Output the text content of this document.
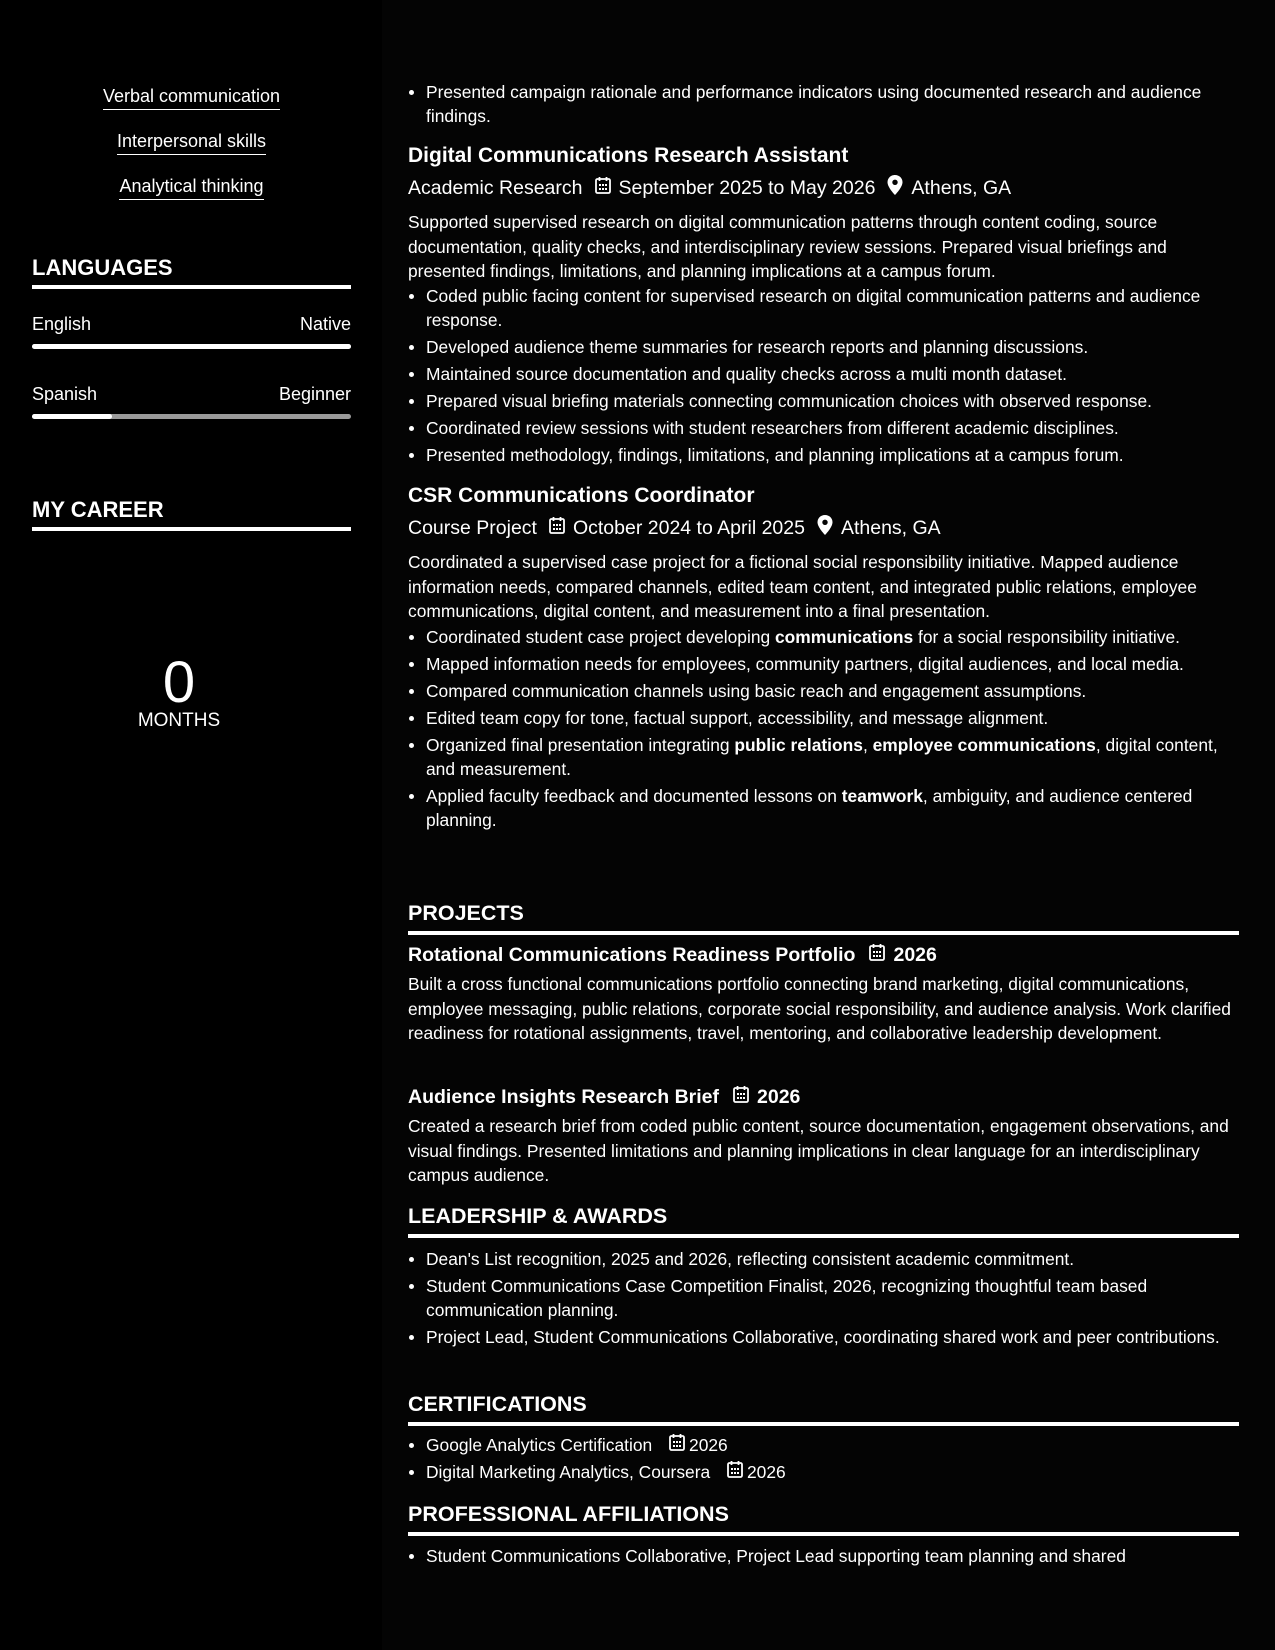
Verbal communication
Interpersonal skills
Analytical thinking
LANGUAGES
English	Native
Spanish	Beginner
MY CAREER
0
MONTHS
Presented campaign rationale and performance indicators using documented research and audience findings.
Digital Communications Research Assistant
Academic Research September 2025 to May 2026 Athens, GA

Supported supervised research on digital communication patterns through content coding, source documentation, quality checks, and interdisciplinary review sessions. Prepared visual briefings and presented findings, limitations, and planning implications at a campus forum.

Coded public facing content for supervised research on digital communication patterns and audience response.
Developed audience theme summaries for research reports and planning discussions.
Maintained source documentation and quality checks across a multi month dataset.
Prepared visual briefing materials connecting communication choices with observed response.
Coordinated review sessions with student researchers from different academic disciplines.
Presented methodology, findings, limitations, and planning implications at a campus forum.
CSR Communications Coordinator
Course Project October 2024 to April 2025 Athens, GA

Coordinated a supervised case project for a fictional social responsibility initiative. Mapped audience information needs, compared channels, edited team content, and integrated public relations, employee communications, digital content, and measurement into a final presentation.

Coordinated student case project developing communications for a social responsibility initiative.
Mapped information needs for employees, community partners, digital audiences, and local media.
Compared communication channels using basic reach and engagement assumptions.
Edited team copy for tone, factual support, accessibility, and message alignment.
Organized final presentation integrating public relations, employee communications, digital content, and measurement.
Applied faculty feedback and documented lessons on teamwork, ambiguity, and audience centered planning.
PROJECTS
Rotational Communications Readiness Portfolio 2026

Built a cross functional communications portfolio connecting brand marketing, digital communications, employee messaging, public relations, corporate social responsibility, and audience analysis. Work clarified readiness for rotational assignments, travel, mentoring, and collaborative leadership development.

Audience Insights Research Brief 2026

Created a research brief from coded public content, source documentation, engagement observations, and visual findings. Presented limitations and planning implications in clear language for an interdisciplinary campus audience.

LEADERSHIP & AWARDS
Dean's List recognition, 2025 and 2026, reflecting consistent academic commitment.
Student Communications Case Competition Finalist, 2026, recognizing thoughtful team based communication planning.
Project Lead, Student Communications Collaborative, coordinating shared work and peer contributions.
CERTIFICATIONS
Google Analytics Certification 2026
Digital Marketing Analytics, Coursera 2026
PROFESSIONAL AFFILIATIONS
Student Communications Collaborative, Project Lead supporting team planning and shared
